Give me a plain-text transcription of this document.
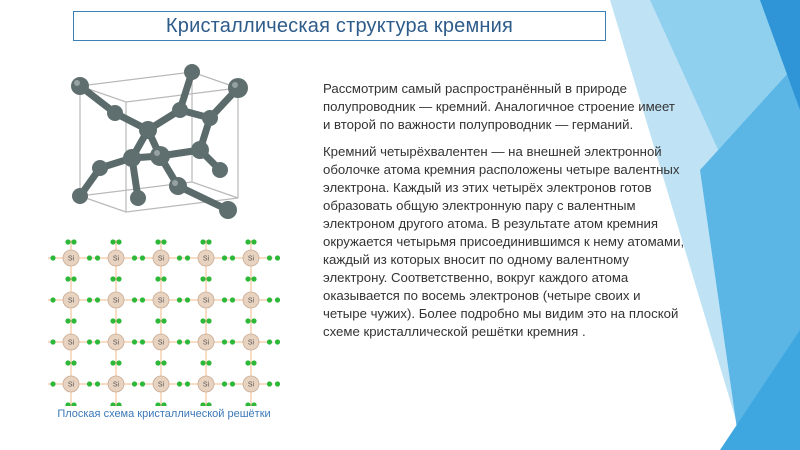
Кристаллическая структура кремния
Si	Si	Si	Si	Si
Si	Si	Si	Si	Si
Si	Si	Si	Si	Si
Si	Si	Si	Si	Si
Плоская схема кристаллической решётки

Рассмотрим самый распространённый в природе полупроводник — кремний. Аналогичное строение имеет и второй по важности полупроводник — германий.

Кремний четырёхвалентен — на внешней электронной оболочке атома кремния расположены четыре валентных электрона. Каждый из этих четырёх электронов готов образовать общую электронную пару с валентным электроном другого атома. В результате атом кремния окружается четырьмя присоединившимся к нему атомами, каждый из которых вносит по одному валентному электрону. Соответственно, вокруг каждого атома оказывается по восемь электронов (четыре своих и четыре чужих). Более подробно мы видим это на плоской схеме кристаллической решётки кремния .
